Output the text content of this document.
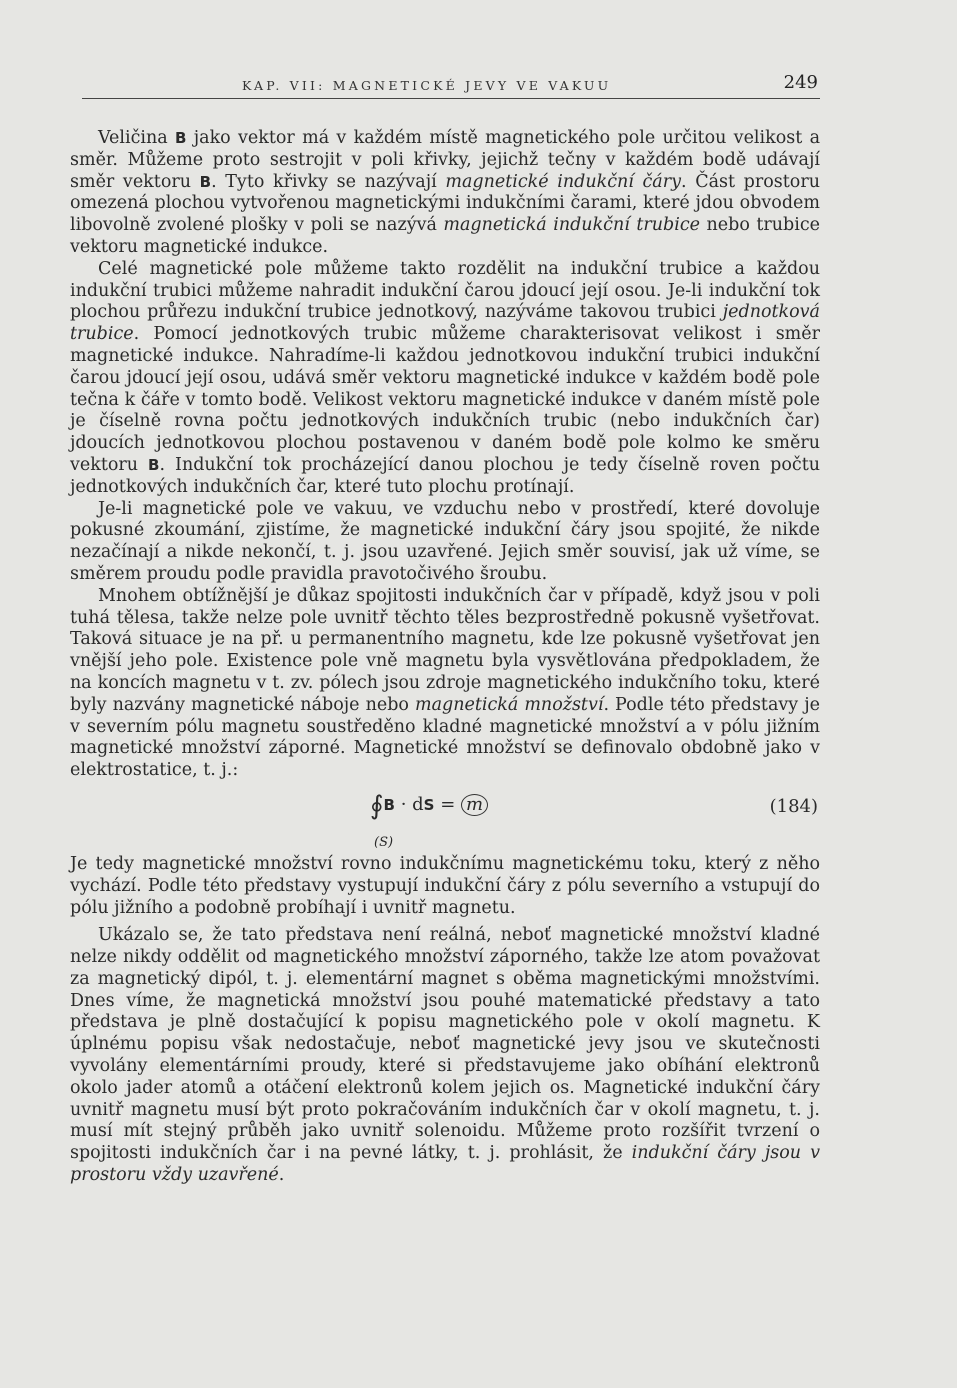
KAP. VII: MAGNETICKÉ JEVY VE VAKUU	249

Veličina B jako vektor má v každém místě magnetického pole určitou velikost a směr. Můžeme proto sestrojit v poli křivky, jejichž tečny v každém bodě udávají směr vektoru B. Tyto křivky se nazývají magnetické indukční čáry. Část prostoru omezená plochou vytvořenou magnetickými indukčními čarami, které jdou obvodem libovolně zvolené plošky v poli se nazývá magnetická indukční trubice nebo trubice vektoru magnetické indukce.

Celé magnetické pole můžeme takto rozdělit na indukční trubice a každou indukční trubici můžeme nahradit indukční čarou jdoucí její osou. Je-li indukční tok plochou průřezu indukční trubice jednotkový, nazýváme takovou trubici jednotková trubice. Pomocí jednotkových trubic můžeme charakterisovat velikost i směr magnetické indukce. Nahradíme-li každou jednotkovou indukční trubici indukční čarou jdoucí její osou, udává směr vektoru magnetické indukce v každém bodě pole tečna k čáře v tomto bodě. Velikost vektoru magnetické indukce v daném místě pole je číselně rovna počtu jednotkových indukčních trubic (nebo indukčních čar) jdoucích jednotkovou plochou postavenou v daném bodě pole kolmo ke směru vektoru B. Indukční tok procházející danou plochou je tedy číselně roven počtu jednotkových indukčních čar, které tuto plochu protínají.

Je-li magnetické pole ve vakuu, ve vzduchu nebo v prostředí, které dovoluje pokusné zkoumání, zjistíme, že magnetické indukční čáry jsou spojité, že nikde nezačínají a nikde nekončí, t. j. jsou uzavřené. Jejich směr souvisí, jak už víme, se směrem proudu podle pravidla pravotočivého šroubu.

Mnohem obtížnější je důkaz spojitosti indukčních čar v případě, když jsou v poli tuhá tělesa, takže nelze pole uvnitř těchto těles bezprostředně pokusně vyšetřovat. Taková situace je na př. u permanentního magnetu, kde lze pokusně vyšetřovat jen vnější jeho pole. Existence pole vně magnetu byla vysvětlována předpokladem, že na koncích magnetu v t. zv. pólech jsou zdroje magnetického indukčního toku, které byly nazvány magnetické náboje nebo magnetická množství. Podle této představy je v severním pólu magnetu soustředěno kladné magnetické množství a v pólu jižním magnetické množství záporné. Magnetické množství se definovalo obdobně jako v elektrostatice, t. j.:

∮B · dS = m
(S)
(184)

Je tedy magnetické množství rovno indukčnímu magnetickému toku, který z něho vychází. Podle této představy vystupují indukční čáry z pólu severního a vstupují do pólu jižního a podobně probíhají i uvnitř magnetu.

Ukázalo se, že tato představa není reálná, neboť magnetické množství kladné nelze nikdy oddělit od magnetického množství záporného, takže lze atom považovat za magnetický dipól, t. j. elementární magnet s oběma magnetickými množstvími. Dnes víme, že magnetická množství jsou pouhé matematické představy a tato představa je plně dostačující k popisu magnetického pole v okolí magnetu. K úplnému popisu však nedostačuje, neboť magnetické jevy jsou ve skutečnosti vyvolány elementárními proudy, které si představujeme jako obíhání elektronů okolo jader atomů a otáčení elektronů kolem jejich os. Magnetické indukční čáry uvnitř magnetu musí být proto pokračováním indukčních čar v okolí magnetu, t. j. musí mít stejný průběh jako uvnitř solenoidu. Můžeme proto rozšířit tvrzení o spojitosti indukčních čar i na pevné látky, t. j. prohlásit, že indukční čáry jsou v prostoru vždy uzavřené.
